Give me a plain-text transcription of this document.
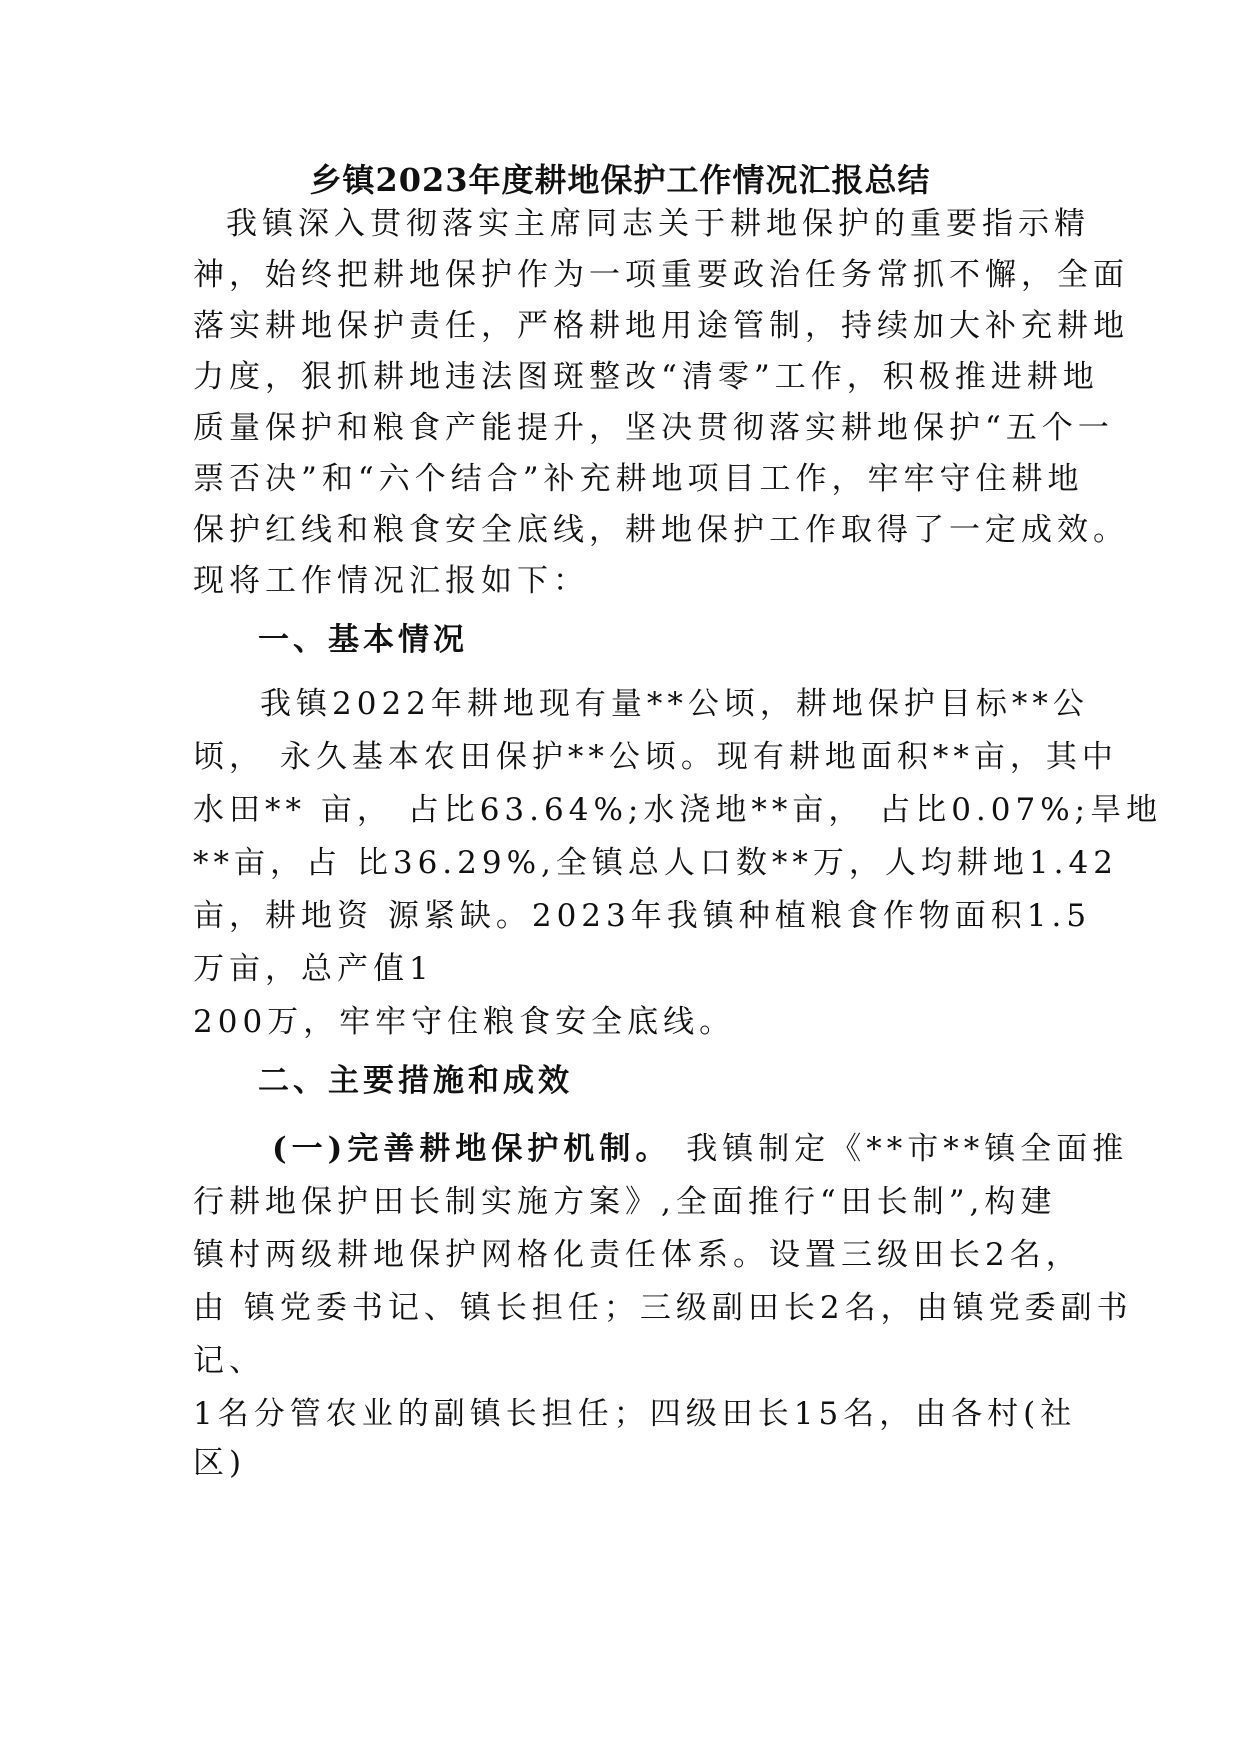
乡镇2023年度耕地保护工作情况汇报总结
我镇深入贯彻落实主席同志关于耕地保护的重要指示精
神，始终把耕地保护作为一项重要政治任务常抓不懈，全面
落实耕地保护责任，严格耕地用途管制，持续加大补充耕地
力度，狠抓耕地违法图斑整改“清零”工作，积极推进耕地
质量保护和粮食产能提升，坚决贯彻落实耕地保护“五个一
票否决”和“六个结合”补充耕地项目工作，牢牢守住耕地
保护红线和粮食安全底线，耕地保护工作取得了一定成效。
现将工作情况汇报如下：
一、基本情况
我镇2022年耕地现有量**公顷，耕地保护目标**公
顷， 永久基本农田保护**公顷。现有耕地面积**亩，其中
水田** 亩， 占比63.64%;水浇地**亩， 占比0.07%;旱地
**亩，占 比36.29%,全镇总人口数**万，人均耕地1.42
亩，耕地资 源紧缺。2023年我镇种植粮食作物面积1.5
万亩，总产值1
200万，牢牢守住粮食安全底线。
二、主要措施和成效
(一)完善耕地保护机制。 我镇制定《**市**镇全面推
行耕地保护田长制实施方案》,全面推行“田长制”,构建
镇村两级耕地保护网格化责任体系。设置三级田长2名，
由 镇党委书记、镇长担任；三级副田长2名，由镇党委副书
记、
1名分管农业的副镇长担任；四级田长15名，由各村(社
区)
